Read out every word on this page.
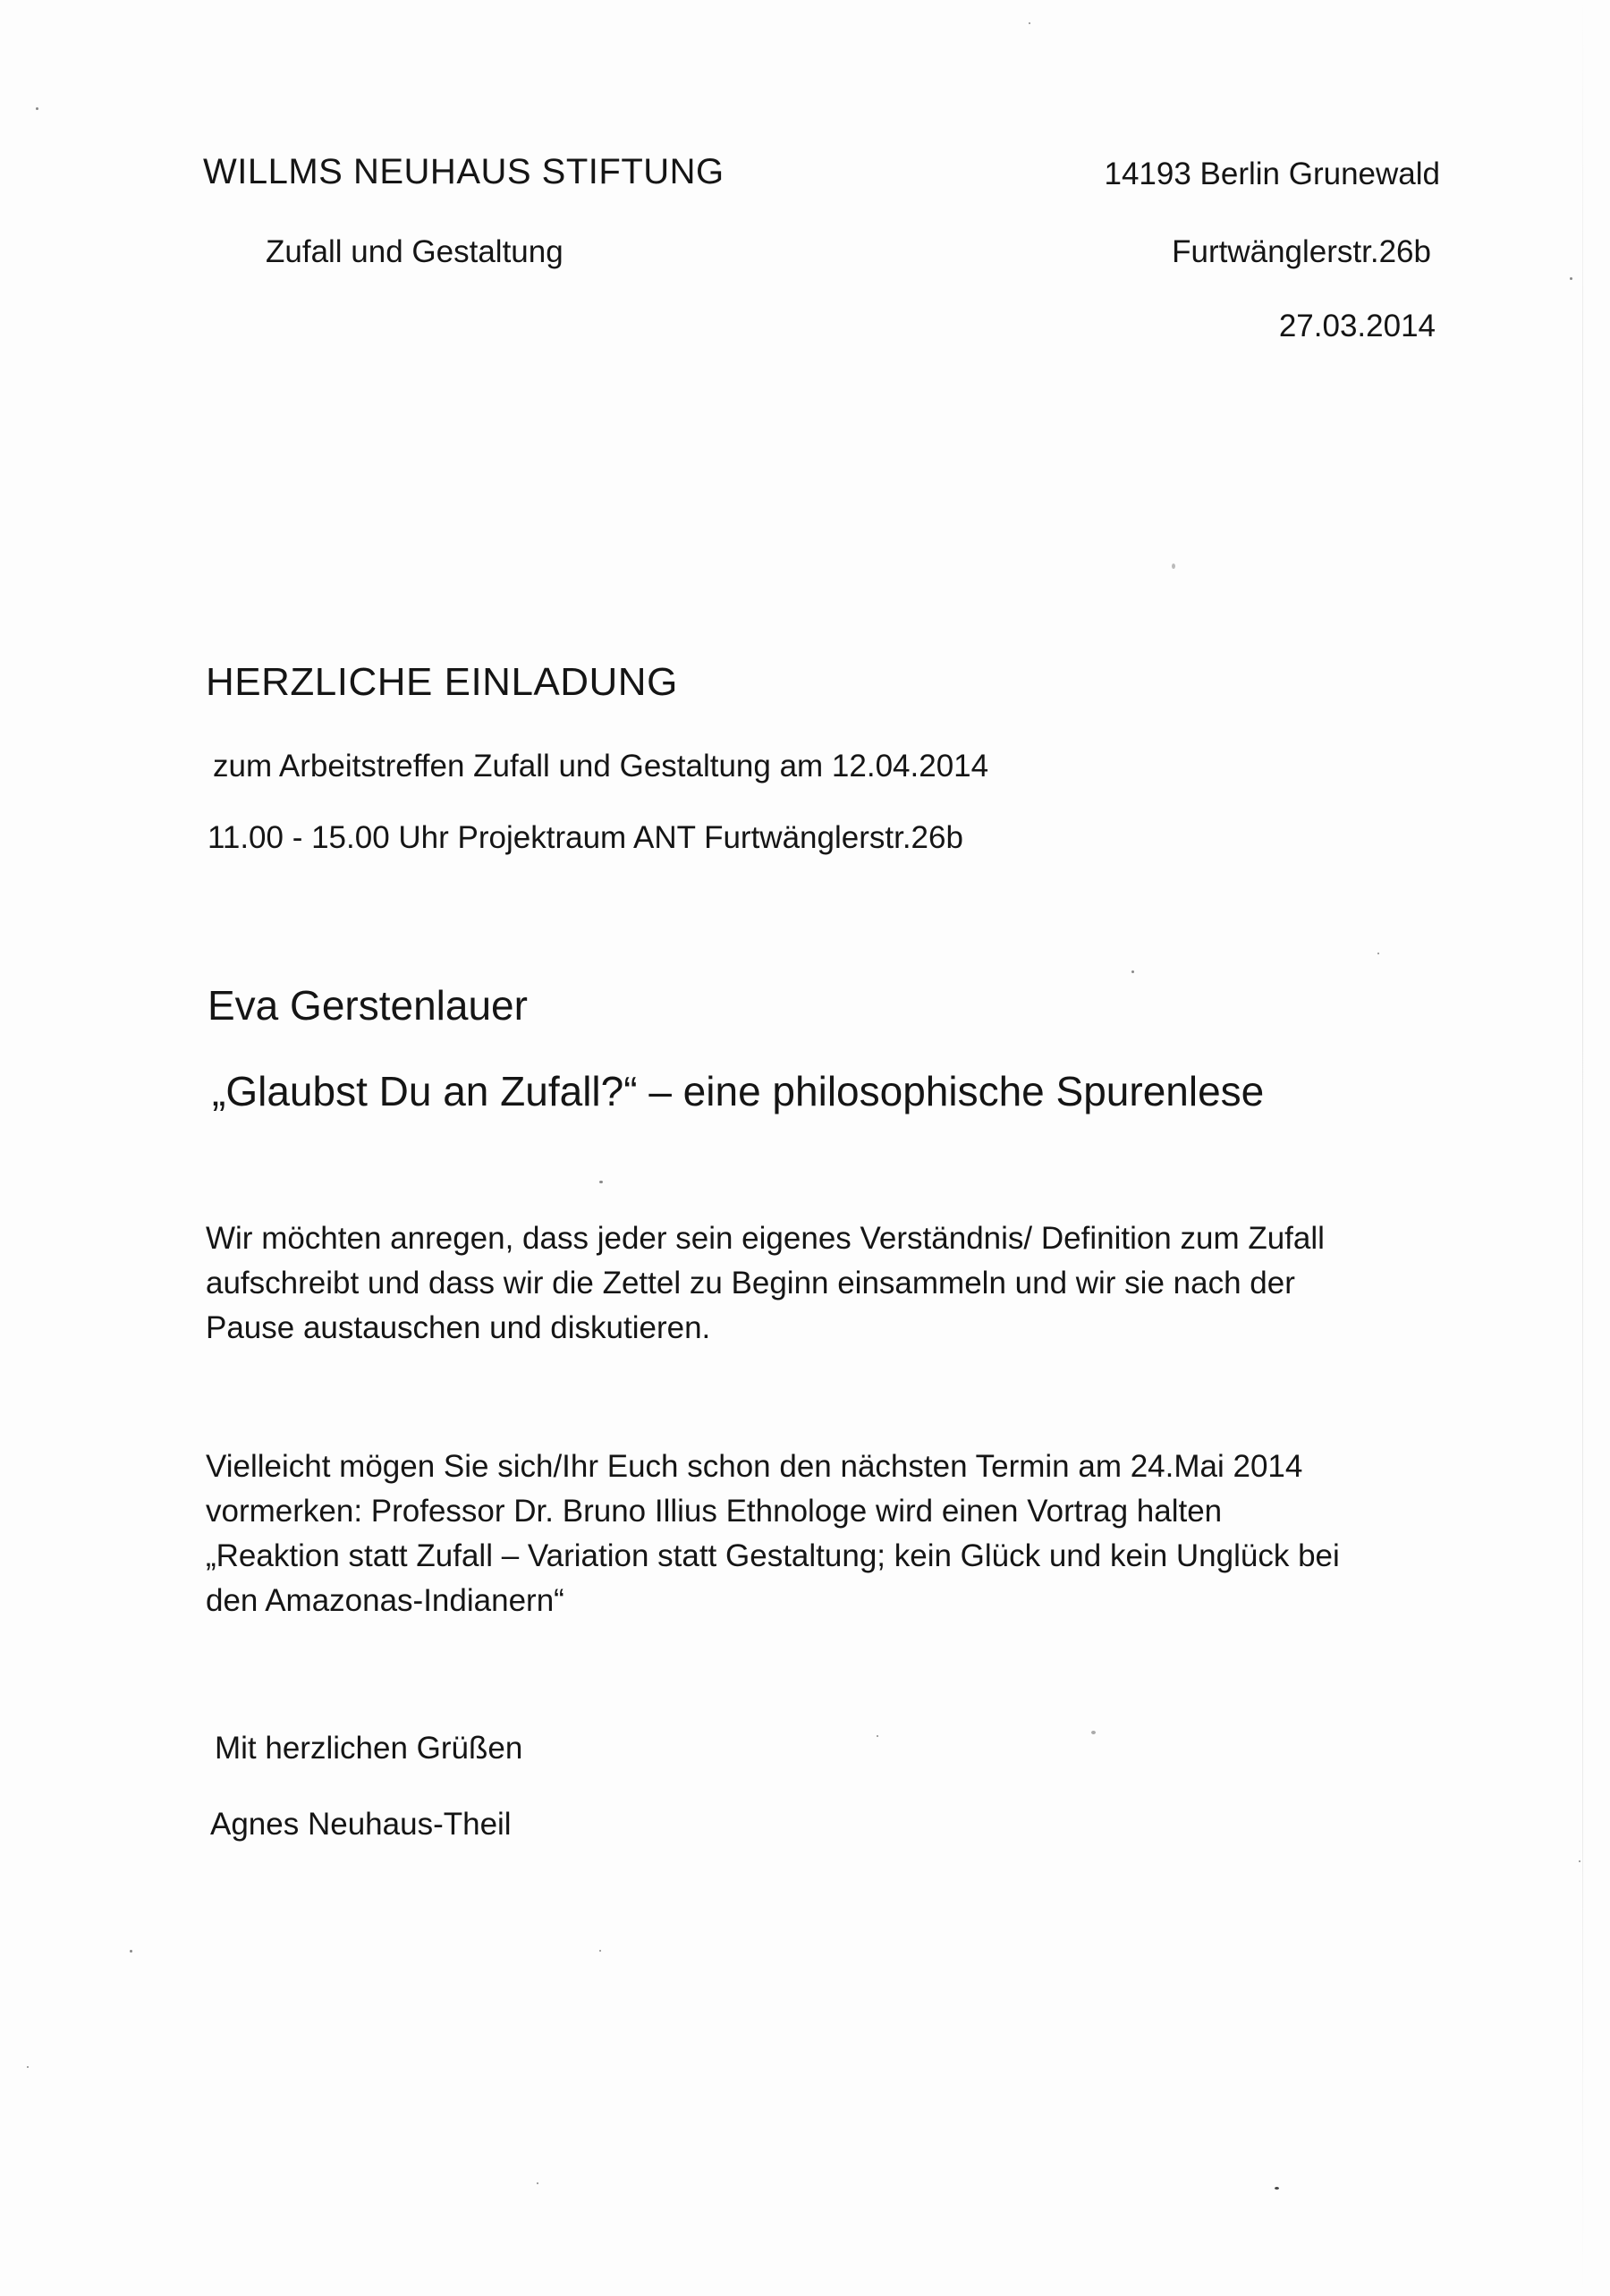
WILLMS NEUHAUS STIFTUNG
Zufall und Gestaltung
14193 Berlin Grunewald
Furtwänglerstr.26b
27.03.2014
HERZLICHE EINLADUNG
zum Arbeitstreffen Zufall und Gestaltung am 12.04.2014
11.00 - 15.00 Uhr Projektraum ANT Furtwänglerstr.26b
Eva Gerstenlauer
„Glaubst Du an Zufall?“ – eine philosophische Spurenlese
Wir möchten anregen, dass jeder sein eigenes Verständnis/ Definition zum Zufall
aufschreibt und dass wir die Zettel zu Beginn einsammeln und wir sie nach der
Pause austauschen und diskutieren.
Vielleicht mögen Sie sich/Ihr Euch schon den nächsten Termin am 24.Mai 2014
vormerken: Professor Dr. Bruno Illius Ethnologe wird einen Vortrag halten
„Reaktion statt Zufall – Variation statt Gestaltung; kein Glück und kein Unglück bei
den Amazonas-Indianern“
Mit herzlichen Grüßen
Agnes Neuhaus-Theil
